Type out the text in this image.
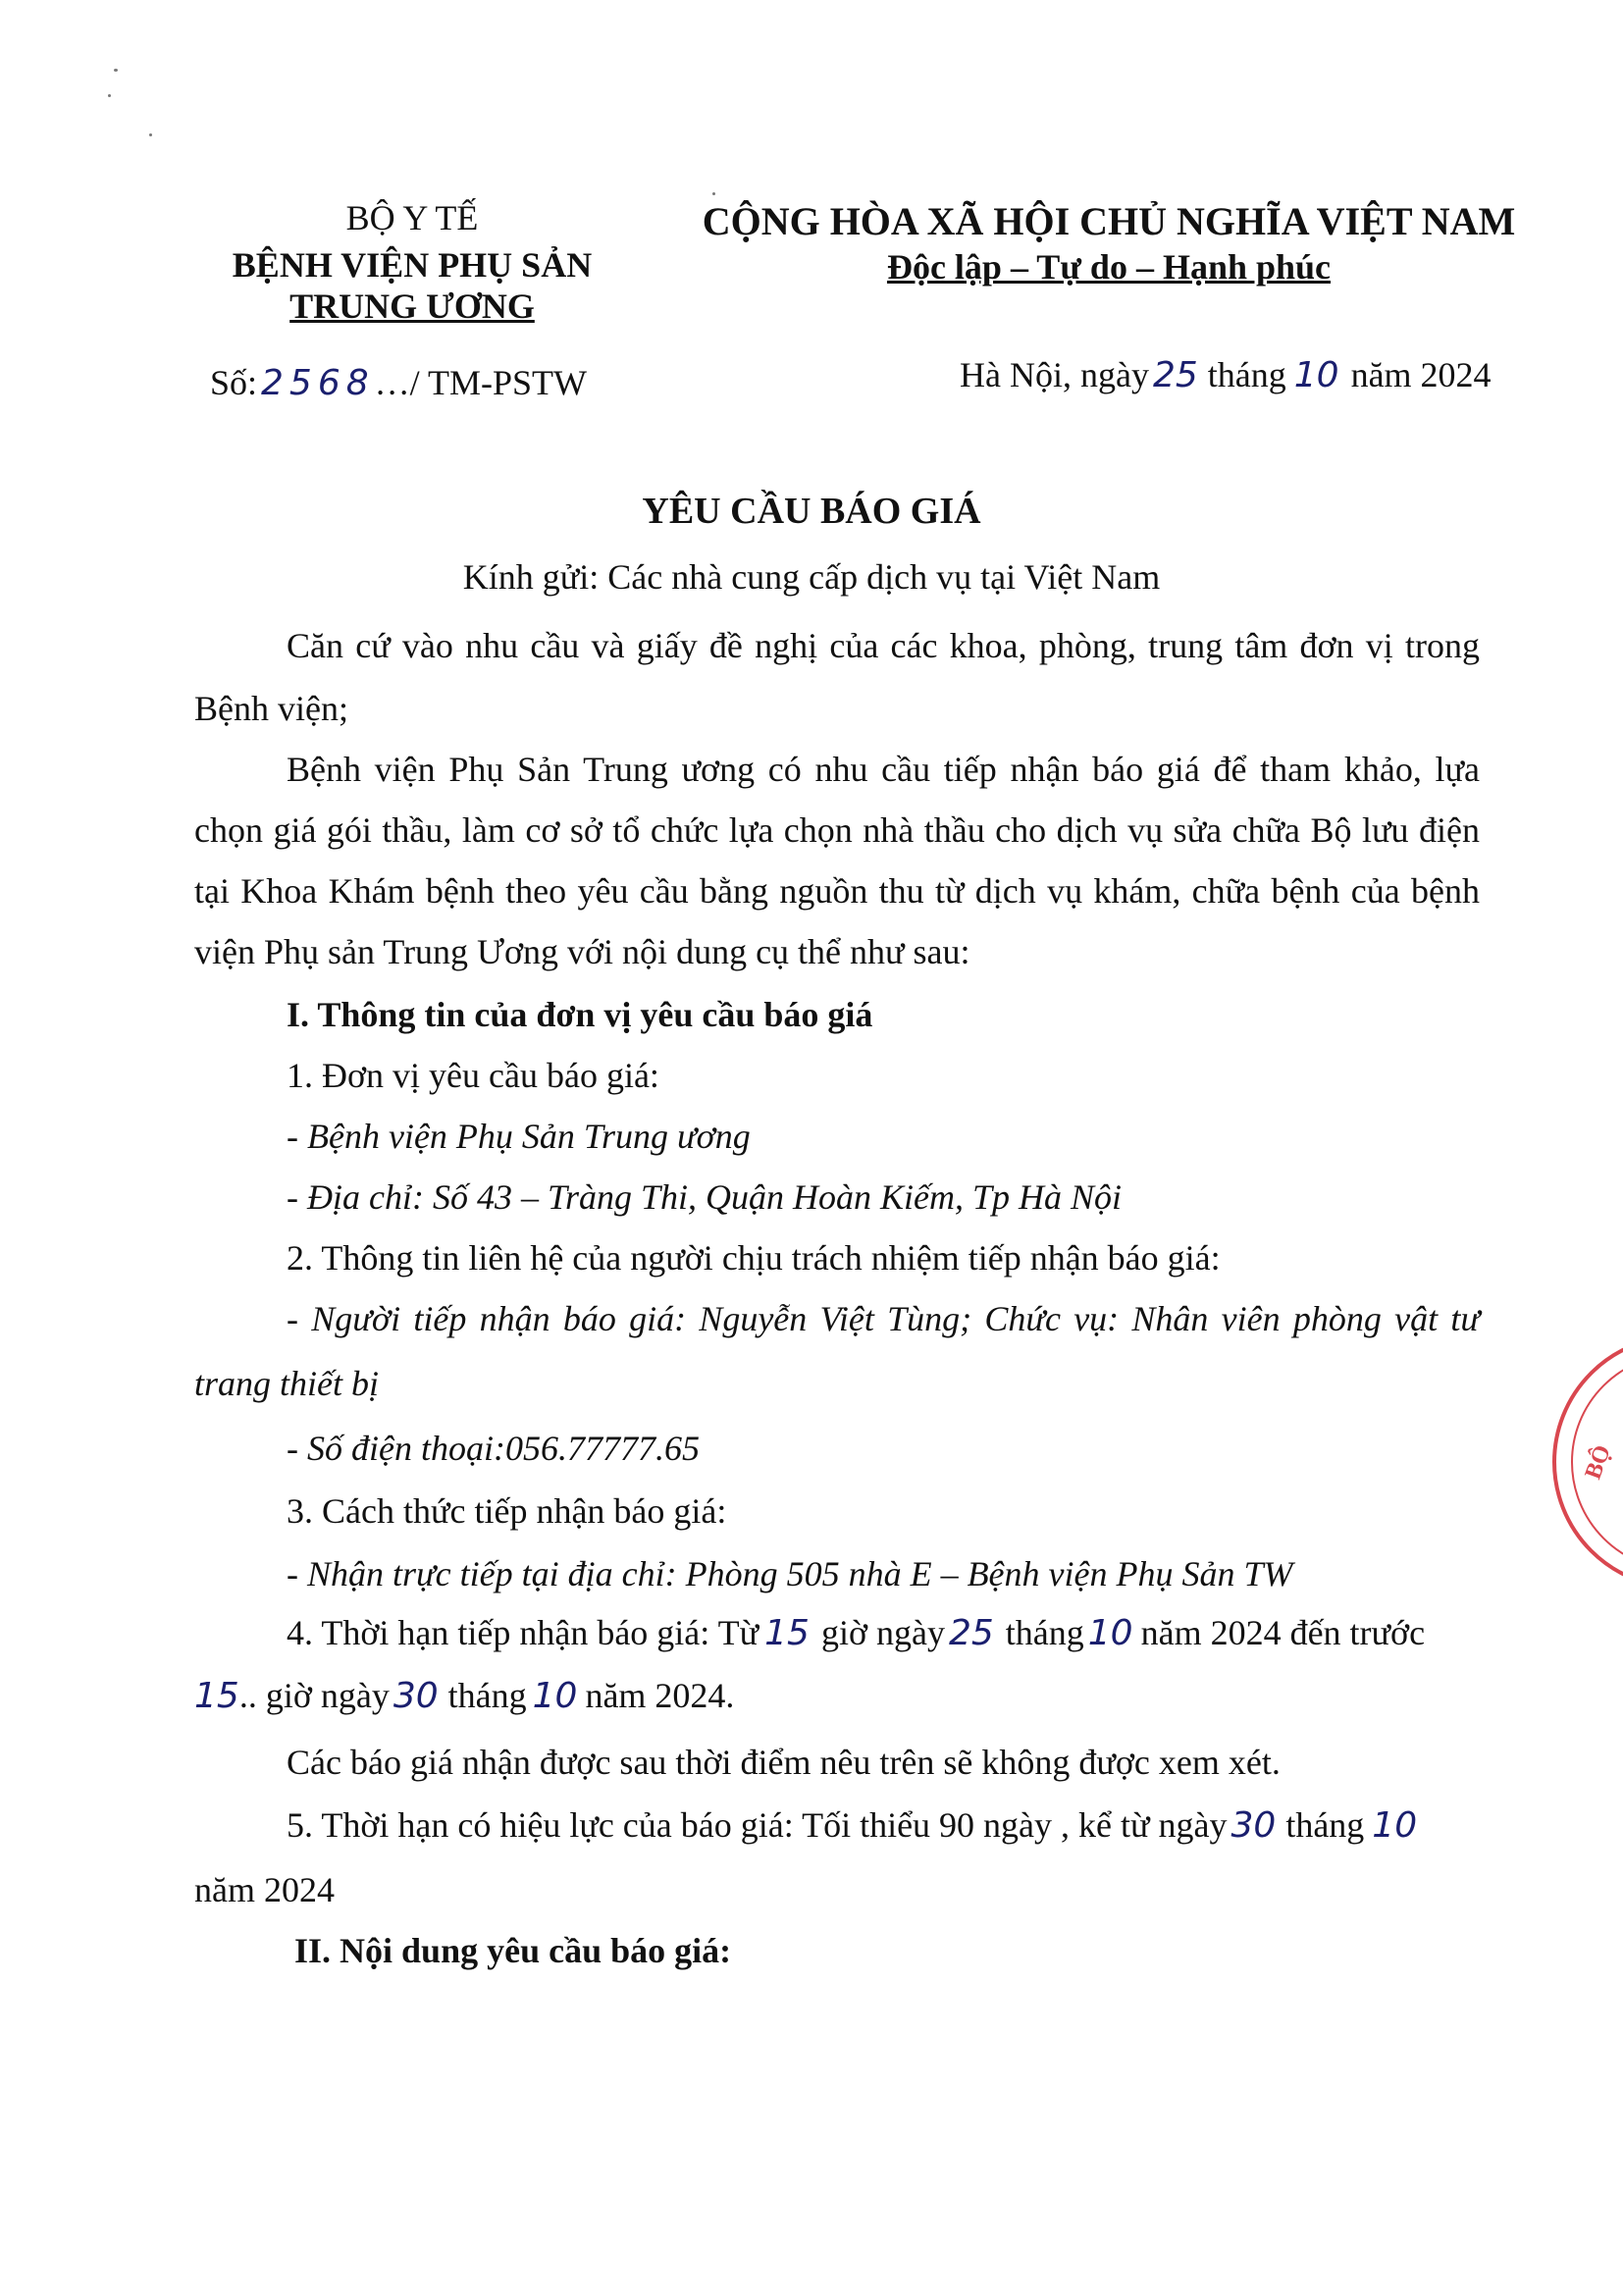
BỘ Y TẾ
BỆNH VIỆN PHỤ SẢN
TRUNG ƯƠNG
Số: 2568…/ TM-PSTW
CỘNG HÒA XÃ HỘI CHỦ NGHĨA VIỆT NAM
Độc lập – Tự do – Hạnh phúc
Hà Nội, ngày 25 tháng 10 năm 2024
YÊU CẦU BÁO GIÁ
Kính gửi: Các nhà cung cấp dịch vụ tại Việt Nam
Căn cứ vào nhu cầu và giấy đề nghị của các khoa, phòng, trung tâm đơn vị trong
Bệnh viện;
Bệnh viện Phụ Sản Trung ương có nhu cầu tiếp nhận báo giá để tham khảo, lựa
chọn giá gói thầu, làm cơ sở tổ chức lựa chọn nhà thầu cho dịch vụ sửa chữa Bộ lưu điện
tại Khoa Khám bệnh theo yêu cầu bằng nguồn thu từ dịch vụ khám, chữa bệnh của bệnh
viện Phụ sản Trung Ương với nội dung cụ thể như sau:
I. Thông tin của đơn vị yêu cầu báo giá
1. Đơn vị yêu cầu báo giá:
- Bệnh viện Phụ Sản Trung ương
- Địa chỉ: Số 43 – Tràng Thi, Quận Hoàn Kiếm, Tp Hà Nội
2. Thông tin liên hệ của người chịu trách nhiệm tiếp nhận báo giá:
- Người tiếp nhận báo giá: Nguyễn Việt Tùng; Chức vụ: Nhân viên phòng vật tư
trang thiết bị
- Số điện thoại:056.77777.65
3. Cách thức tiếp nhận báo giá:
- Nhận trực tiếp tại địa chỉ: Phòng 505 nhà E – Bệnh viện Phụ Sản TW
4. Thời hạn tiếp nhận báo giá: Từ 15 giờ ngày 25 tháng 10 năm 2024 đến trước
15.. giờ ngày 30 tháng 10 năm 2024.
Các báo giá nhận được sau thời điểm nêu trên sẽ không được xem xét.
5. Thời hạn có hiệu lực của báo giá: Tối thiểu 90 ngày , kể từ ngày 30 tháng 10
năm 2024
II. Nội dung yêu cầu báo giá:
BỘ
